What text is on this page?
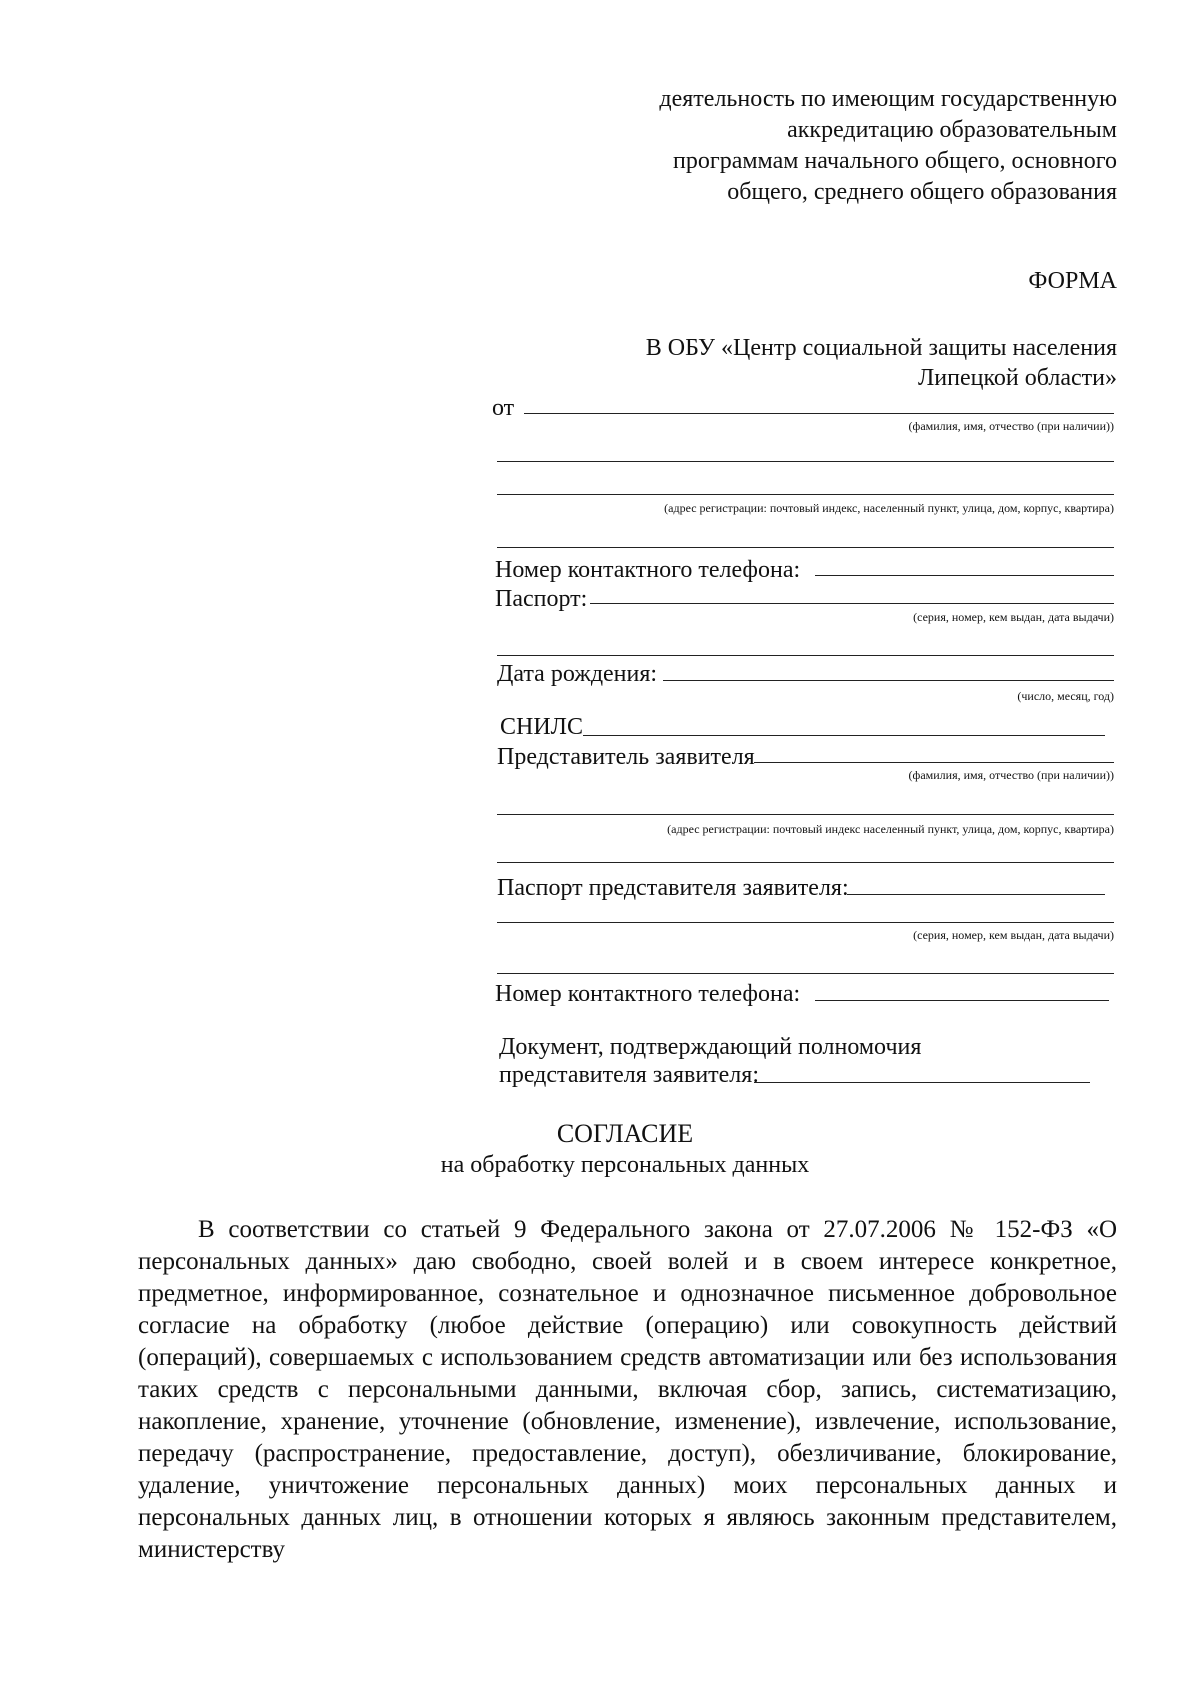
деятельность по имеющим государственную
аккредитацию образовательным
программам начального общего, основного
общего, среднего общего образования
ФОРМА
В ОБУ «Центр социальной защиты населения
Липецкой области»
от
(фамилия, имя, отчество (при наличии))
(адрес регистрации: почтовый индекс, населенный пункт, улица, дом, корпус, квартира)
Номер контактного телефона:
Паспорт:
(серия, номер, кем выдан, дата выдачи)
Дата рождения:
(число, месяц, год)
СНИЛС
Представитель заявителя
(фамилия, имя, отчество (при наличии))
(адрес регистрации: почтовый индекс населенный пункт, улица, дом, корпус, квартира)
Паспорт представителя заявителя:
(серия, номер, кем выдан, дата выдачи)
Номер контактного телефона:
Документ, подтверждающий полномочия
представителя заявителя:
СОГЛАСИЕ
на обработку персональных данных
В соответствии со статьей 9 Федерального закона от 27.07.2006 № 152-ФЗ «О персональных данных» даю свободно, своей волей и в своем интересе конкретное, предметное, информированное, сознательное и однозначное письменное добровольное согласие на обработку (любое действие (операцию) или совокупность действий (операций), совершаемых с использованием средств автоматизации или без использования таких средств с персональными данными, включая сбор, запись, систематизацию, накопление, хранение, уточнение (обновление, изменение), извлечение, использование, передачу (распространение, предоставление, доступ), обезличивание, блокирование, удаление, уничтожение персональных данных) моих персональных данных и персональных данных лиц, в отношении которых я являюсь законным представителем, министерству
